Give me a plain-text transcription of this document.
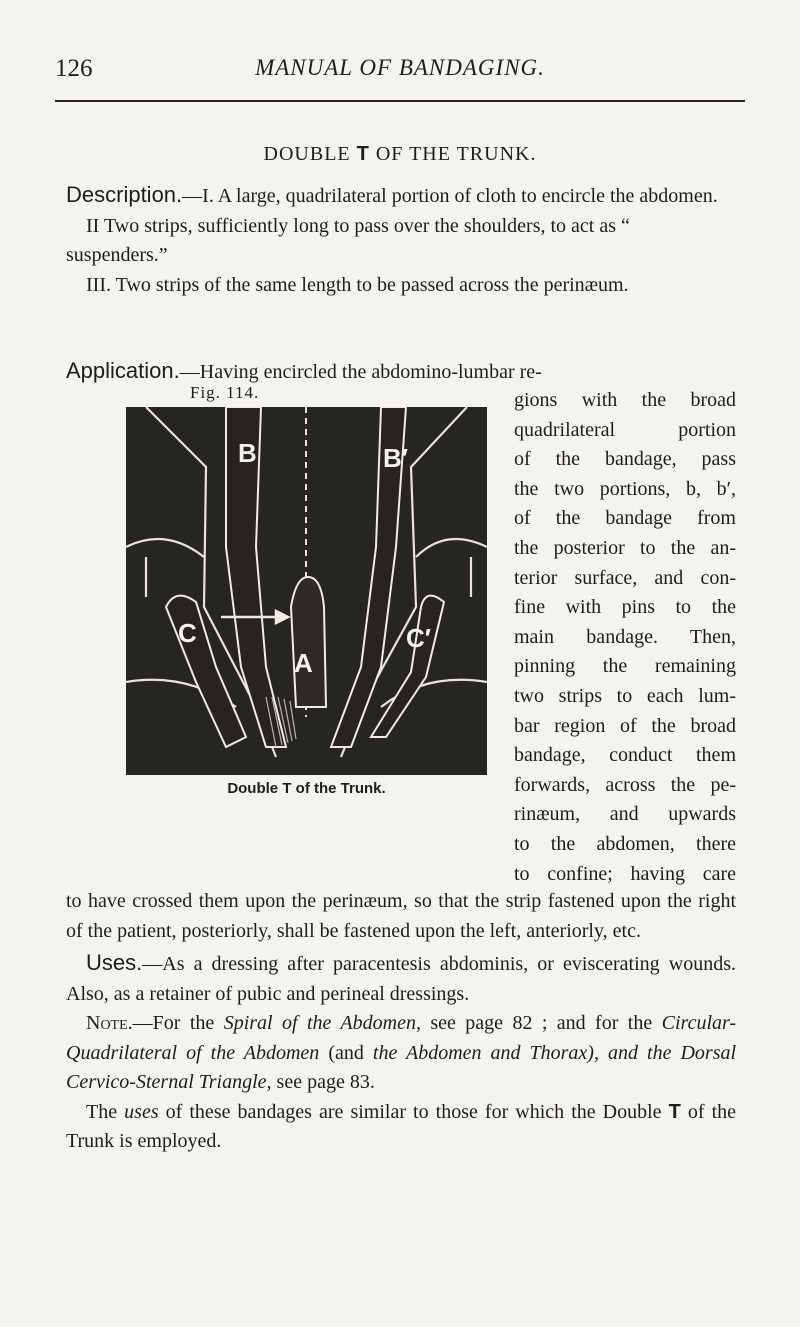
126	MANUAL OF BANDAGING.
DOUBLE T OF THE TRUNK.

Description.—I. A large, quadrilateral portion of cloth to encircle the abdomen.

II Two strips, sufficiently long to pass over the shoulders, to act as “ suspenders.”

III. Two strips of the same length to be passed across the perinæum.

Application.—Having encircled the abdomino-lumbar re-

Fig. 114.
B	B′
A
C	C′
Double T of the Trunk.
gions with the broad
quadrilateral portion
of the bandage, pass
the two portions, b, b′,
of the bandage from
the posterior to the an-
terior surface, and con-
fine with pins to the
main bandage. Then,
pinning the remaining
two strips to each lum-
bar region of the broad
bandage, conduct them
forwards, across the pe-
rinæum, and upwards
to the abdomen, there
to confine; having care

to have crossed them upon the perinæum, so that the strip fastened upon the right of the patient, posteriorly, shall be fastened upon the left, anteriorly, etc.

Uses.—As a dressing after paracentesis abdominis, or eviscerating wounds. Also, as a retainer of pubic and perineal dressings.

Note.—For the Spiral of the Abdomen, see page 82 ; and for the Circular-Quadrilateral of the Abdomen (and the Abdomen and Thorax), and the Dorsal Cervico-Sternal Triangle, see page 83.

The uses of these bandages are similar to those for which the Double T of the Trunk is employed.
